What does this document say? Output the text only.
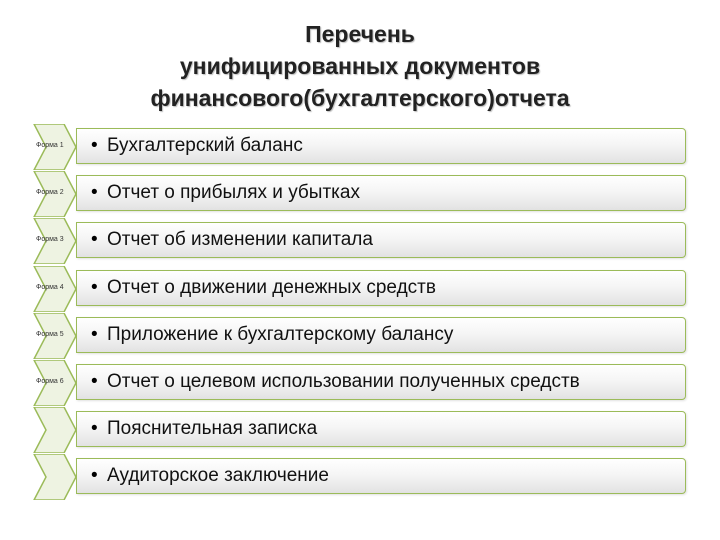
Перечень
унифицированных документов
финансового(бухгалтерского)отчета
Форма 1 • Бухгалтерский баланс
Форма 2 • Отчет о прибылях и убытках
Форма 3 • Отчет об изменении капитала
Форма 4 • Отчет о движении денежных средств
Форма 5 • Приложение к бухгалтерскому балансу
Форма 6 • Отчет о целевом использовании полученных средств
• Пояснительная записка
• Аудиторское заключение
